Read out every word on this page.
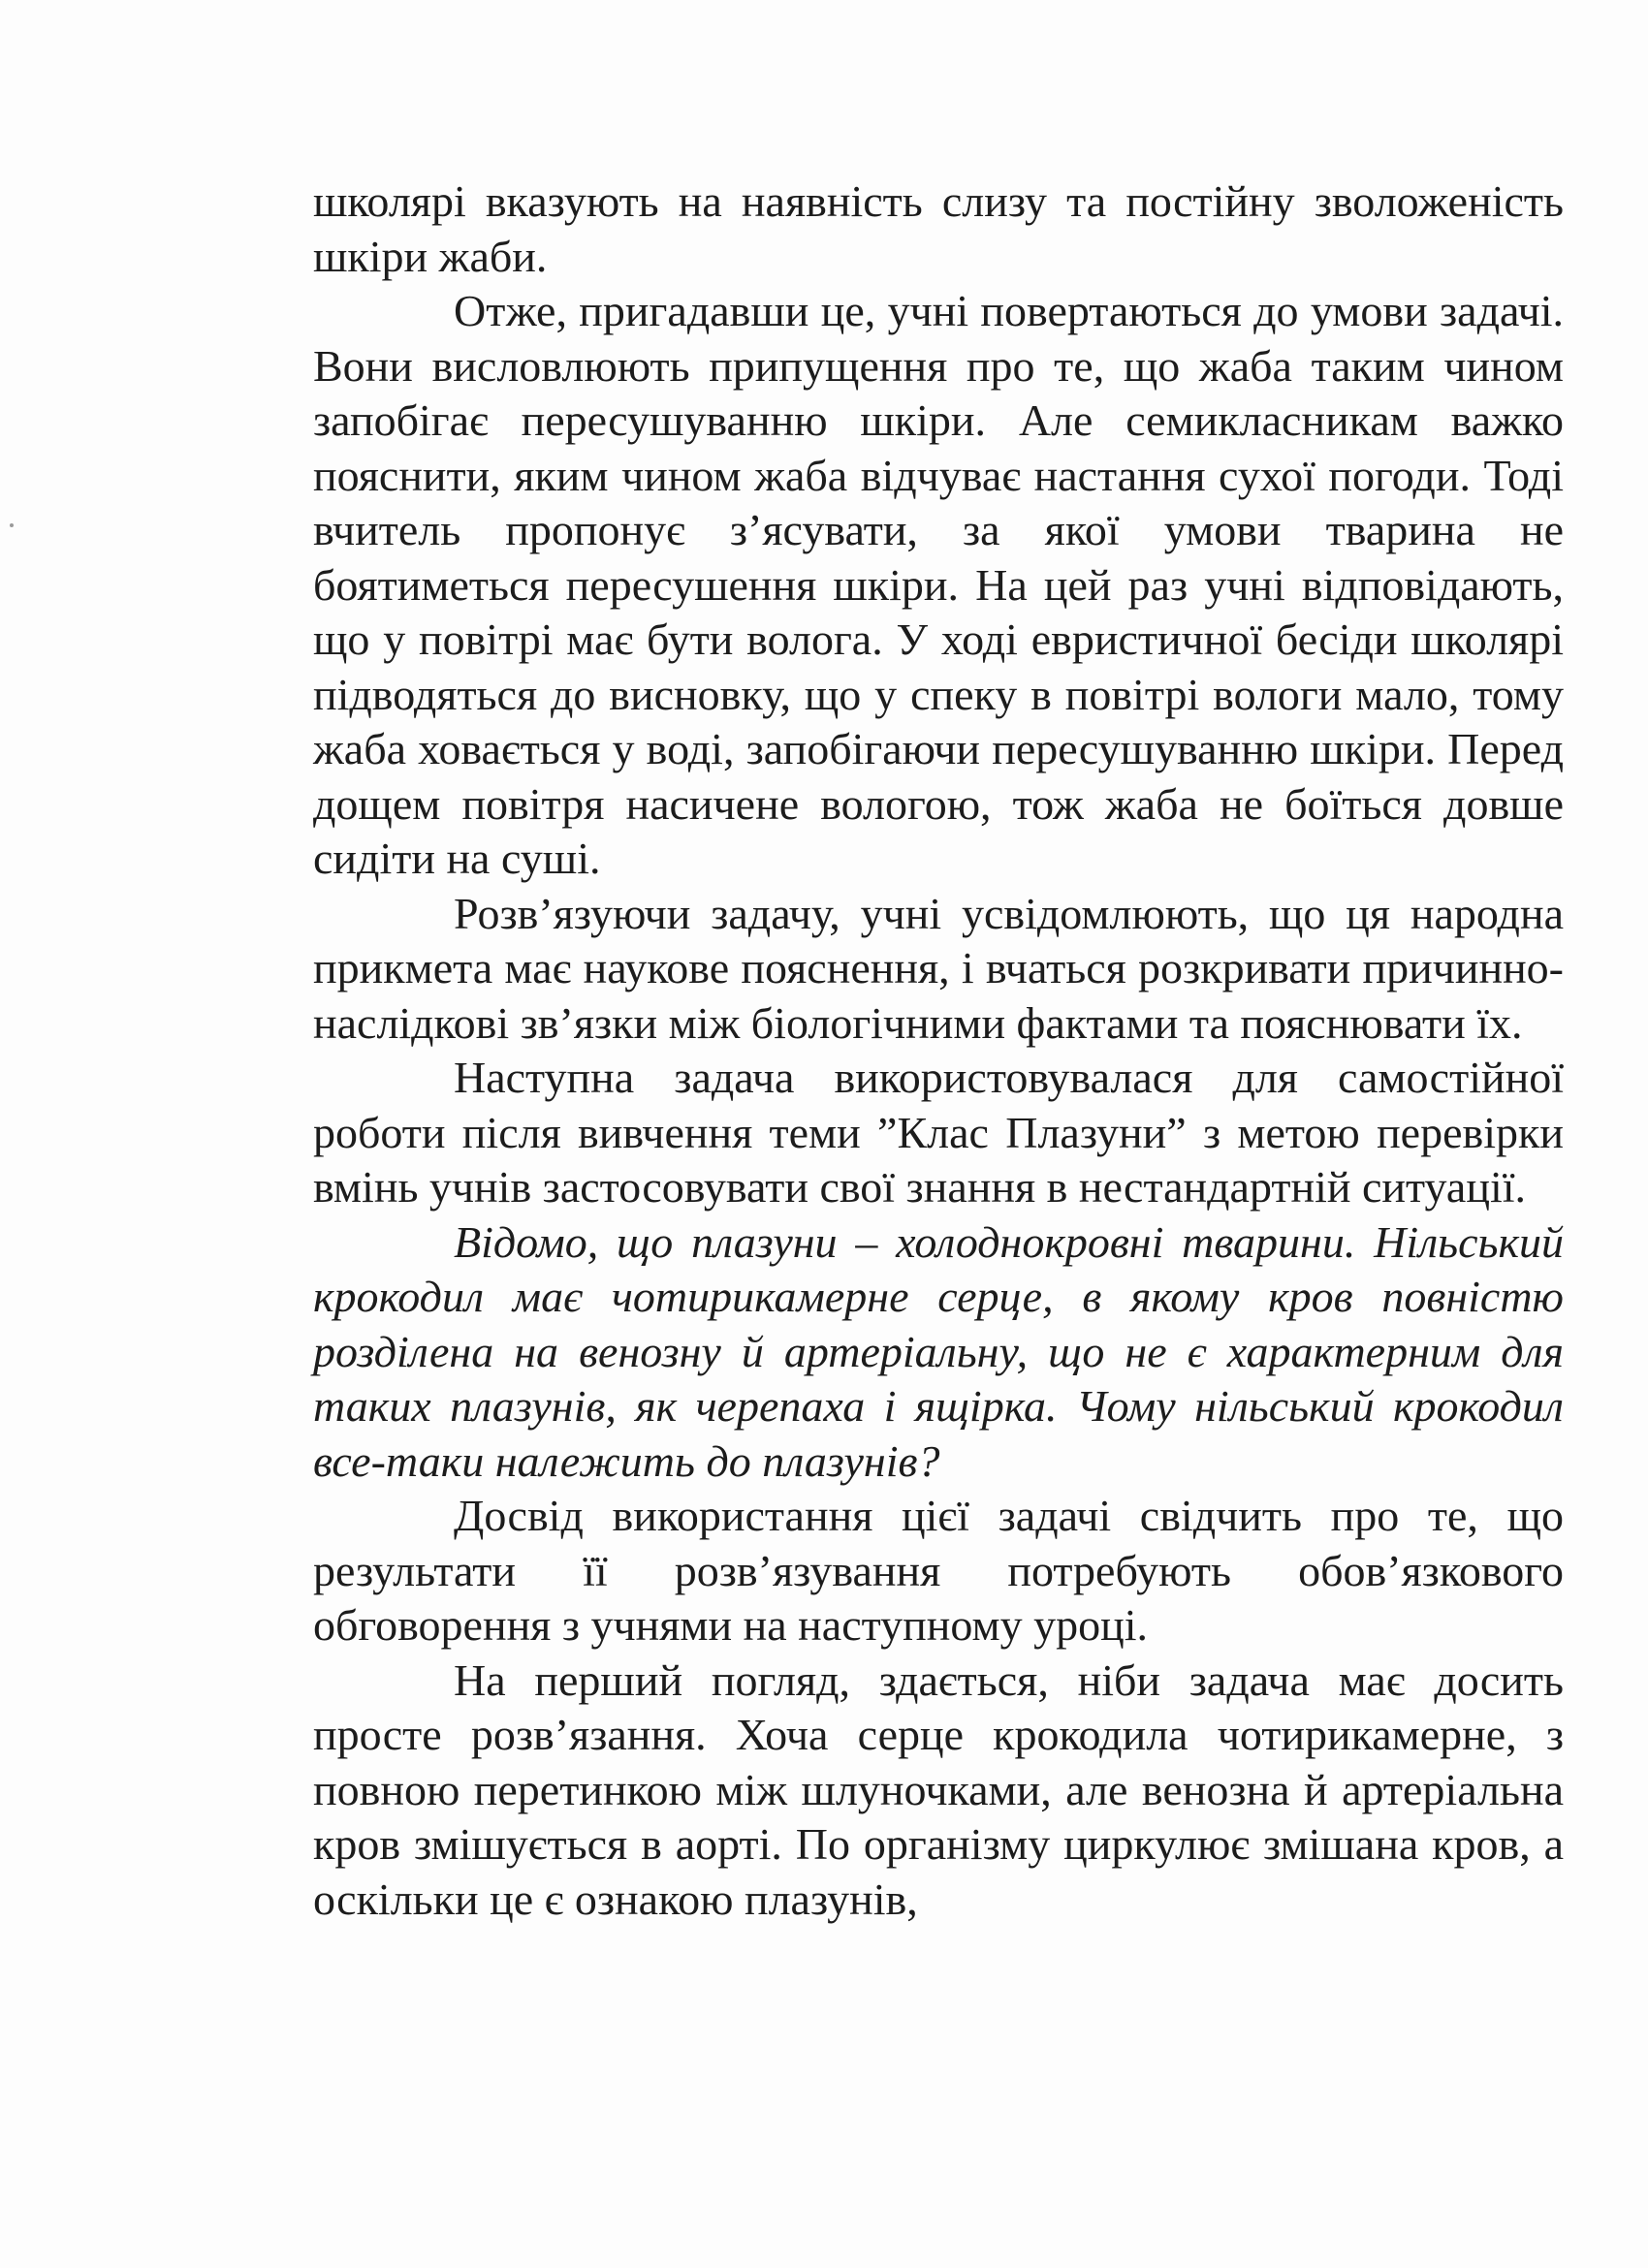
школярі вказують на наявність слизу та постійну зволоженість шкіри жаби.

Отже, пригадавши це, учні повертаються до умови задачі. Вони висловлюють припущення про те, що жаба таким чином запобігає пересушуванню шкіри. Але семикласникам важко пояснити, яким чином жаба відчуває настання сухої погоди. Тоді вчитель пропонує з’ясувати, за якої умови тварина не боятиметься пересушення шкіри. На цей раз учні відповідають, що у повітрі має бути волога. У ході евристичної бесіди школярі підводяться до висновку, що у спеку в повітрі вологи мало, тому жаба ховається у воді, запобігаючи пересушуванню шкіри. Перед дощем повітря насичене вологою, тож жаба не боїться довше сидіти на суші.

Розв’язуючи задачу, учні усвідомлюють, що ця народна прикмета має наукове пояснення, і вчаться розкривати причинно-наслідкові зв’язки між біологічними фактами та пояснювати їх.

Наступна задача використовувалася для самостійної роботи після вивчення теми ”Клас Плазуни” з метою перевірки вмінь учнів застосовувати свої знання в нестандартній ситуації.

Відомо, що плазуни – холоднокровні тварини. Нільський крокодил має чотирикамерне серце, в якому кров повністю розділена на венозну й артеріальну, що не є характерним для таких плазунів, як черепаха і ящірка. Чому нільський крокодил все-таки належить до плазунів?

Досвід використання цієї задачі свідчить про те, що результати її розв’язування потребують обов’язкового обговорення з учнями на наступному уроці.

На перший погляд, здається, ніби задача має досить просте розв’язання. Хоча серце крокодила чотирикамерне, з повною перетинкою між шлуночками, але венозна й артеріальна кров змішується в аорті. По організму циркулює змішана кров, а оскільки це є ознакою плазунів,
